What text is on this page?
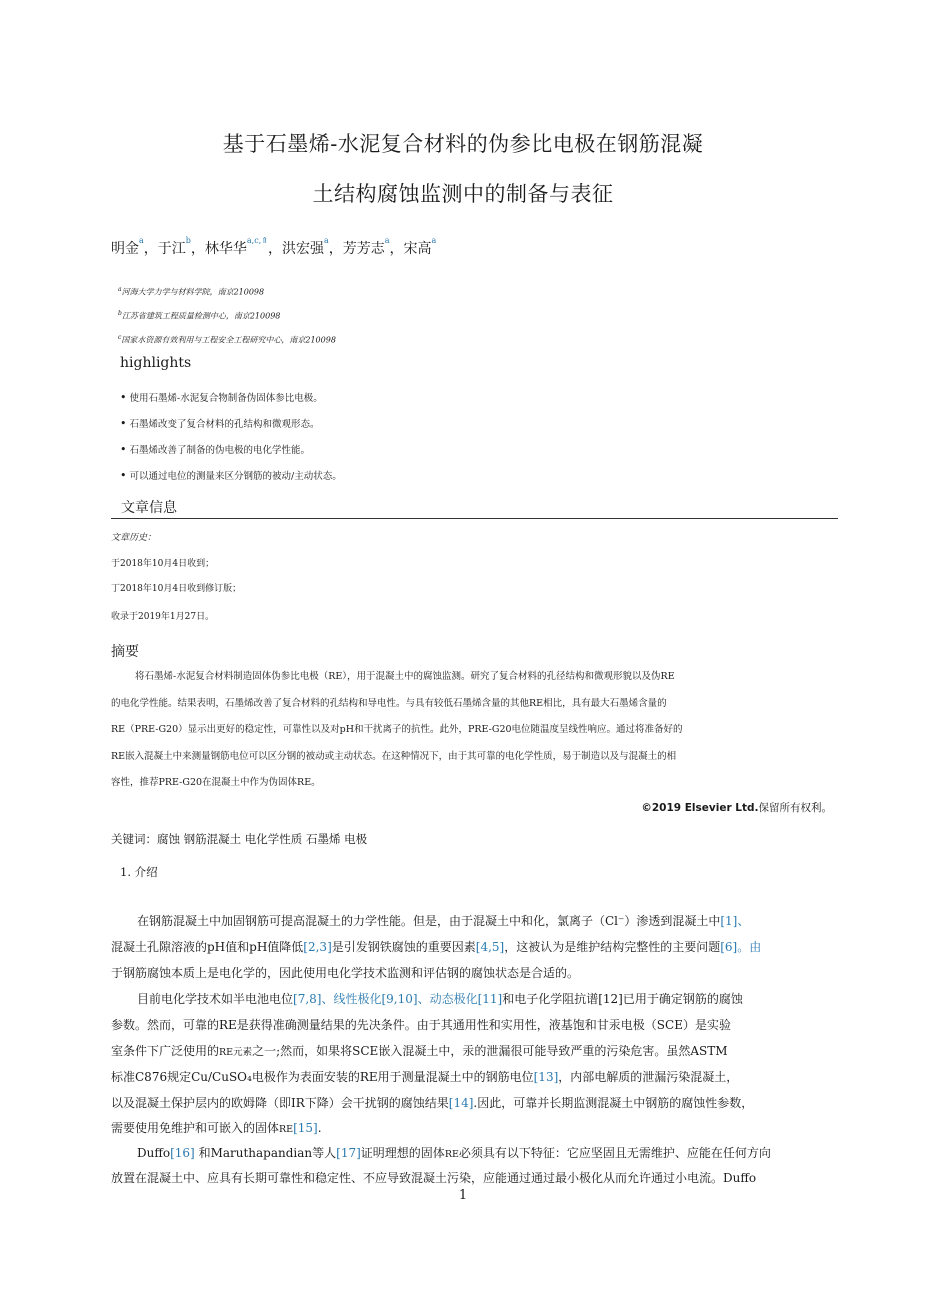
基于石墨烯-水泥复合材料的伪参比电极在钢筋混凝
土结构腐蚀监测中的制备与表征
明金$^a$，于江$^b$，林华华$^{a,c,⇑}$，洪宏强$^a$，芳芳志$^a$，宋高$^a$
$^a$河海大学力学与材料学院，南京210098
$^b$江苏省建筑工程质量检测中心，南京210098
$^c$国家水资源有效利用与工程安全工程研究中心，南京210098
highlights
• 使用石墨烯-水泥复合物制备伪固体参比电极。
• 石墨烯改变了复合材料的孔结构和微观形态。
• 石墨烯改善了制备的伪电极的电化学性能。
• 可以通过电位的测量来区分钢筋的被动/主动状态。
文章信息
文章历史：
于2018年10月4日收到；
丁2018年10月4日收到修订版；
收录于2019年1月27日。
摘要
将石墨烯-水泥复合材料制造固体伪参比电极（RE），用于混凝土中的腐蚀监测。研究了复合材料的孔径结构和微观形貌以及伪RE
的电化学性能。结果表明，石墨烯改善了复合材料的孔结构和导电性。与具有较低石墨烯含量的其他RE相比，具有最大石墨烯含量的
RE（PRE-G20）显示出更好的稳定性，可靠性以及对pH和干扰离子的抗性。此外，PRE-G20电位随温度呈线性响应。通过将准备好的
RE嵌入混凝土中来测量钢筋电位可以区分钢的被动或主动状态。在这种情况下，由于其可靠的电化学性质，易于制造以及与混凝土的相
容性，推荐PRE-G20在混凝土中作为伪固体RE。
©2019 Elsevier Ltd.保留所有权利。
关键词：腐蚀 钢筋混凝土 电化学性质 石墨烯 电极
1. 介绍
在钢筋混凝土中加固钢筋可提高混凝土的力学性能。但是，由于混凝土中和化，氯离子（Cl⁻）渗透到混凝土中[1]、
混凝土孔隙溶液的pH值和pH值降低[2,3]是引发钢铁腐蚀的重要因素[4,5]，这被认为是维护结构完整性的主要问题[6]。由
于钢筋腐蚀本质上是电化学的，因此使用电化学技术监测和评估钢的腐蚀状态是合适的。
目前电化学技术如半电池电位[7,8]、线性极化[9,10]、动态极化[11]和电子化学阻抗谱[12]已用于确定钢筋的腐蚀
参数。然而，可靠的RE是获得准确测量结果的先决条件。由于其通用性和实用性，液基饱和甘汞电极（SCE）是实验
室条件下广泛使用的RE元素之一;然而，如果将SCE嵌入混凝土中，汞的泄漏很可能导致严重的污染危害。虽然ASTM
标准C876规定Cu/CuSO₄电极作为表面安装的RE用于测量混凝土中的钢筋电位[13]，内部电解质的泄漏污染混凝土，
以及混凝土保护层内的欧姆降（即IR下降）会干扰钢的腐蚀结果[14].因此，可靠并长期监测混凝土中钢筋的腐蚀性参数，
需要使用免维护和可嵌入的固体RE[15].
Duffo[16] 和Maruthapandian等人[17]证明理想的固体RE必须具有以下特征：它应坚固且无需维护、应能在任何方向
放置在混凝土中、应具有长期可靠性和稳定性、不应导致混凝土污染，应能通过通过最小极化从而允许通过小电流。Duffo
1
